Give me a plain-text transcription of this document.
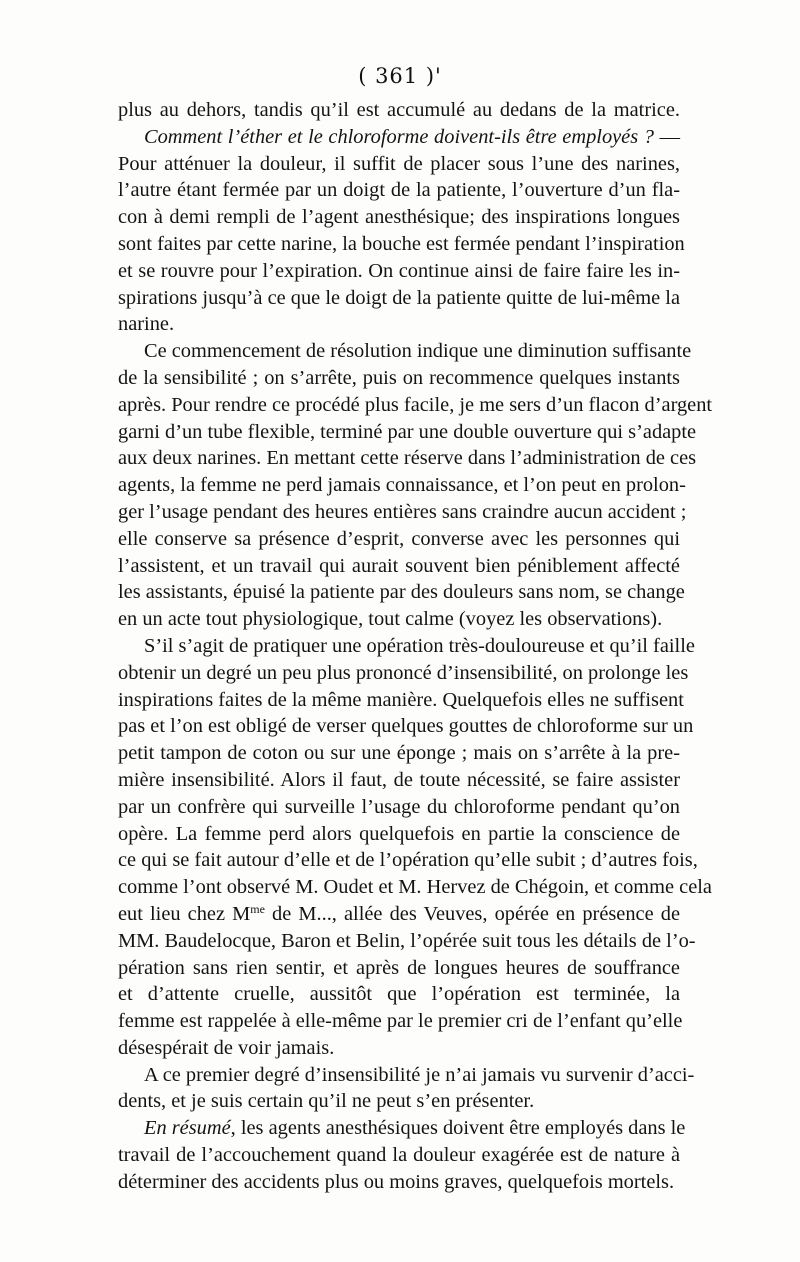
( 361 )'
plus au dehors, tandis qu’il est accumulé au dedans de la matrice.
Comment l’éther et le chloroforme doivent-ils être employés ? —
Pour atténuer la douleur, il suffit de placer sous l’une des narines,
l’autre étant fermée par un doigt de la patiente, l’ouverture d’un fla-
con à demi rempli de l’agent anesthésique; des inspirations longues
sont faites par cette narine, la bouche est fermée pendant l’inspiration
et se rouvre pour l’expiration. On continue ainsi de faire faire les in-
spirations jusqu’à ce que le doigt de la patiente quitte de lui-même la
narine.
Ce commencement de résolution indique une diminution suffisante
de la sensibilité ; on s’arrête, puis on recommence quelques instants
après. Pour rendre ce procédé plus facile, je me sers d’un flacon d’argent
garni d’un tube flexible, terminé par une double ouverture qui s’adapte
aux deux narines. En mettant cette réserve dans l’administration de ces
agents, la femme ne perd jamais connaissance, et l’on peut en prolon-
ger l’usage pendant des heures entières sans craindre aucun accident ;
elle conserve sa présence d’esprit, converse avec les personnes qui
l’assistent, et un travail qui aurait souvent bien péniblement affecté
les assistants, épuisé la patiente par des douleurs sans nom, se change
en un acte tout physiologique, tout calme (voyez les observations).
S’il s’agit de pratiquer une opération très-douloureuse et qu’il faille
obtenir un degré un peu plus prononcé d’insensibilité, on prolonge les
inspirations faites de la même manière. Quelquefois elles ne suffisent
pas et l’on est obligé de verser quelques gouttes de chloroforme sur un
petit tampon de coton ou sur une éponge ; mais on s’arrête à la pre-
mière insensibilité. Alors il faut, de toute nécessité, se faire assister
par un confrère qui surveille l’usage du chloroforme pendant qu’on
opère. La femme perd alors quelquefois en partie la conscience de
ce qui se fait autour d’elle et de l’opération qu’elle subit ; d’autres fois,
comme l’ont observé M. Oudet et M. Hervez de Chégoin, et comme cela
eut lieu chez $M^{me}$ de M..., allée des Veuves, opérée en présence de
MM. Baudelocque, Baron et Belin, l’opérée suit tous les détails de l’o-
pération sans rien sentir, et après de longues heures de souffrance
et d’attente cruelle, aussitôt que l’opération est terminée, la
femme est rappelée à elle-même par le premier cri de l’enfant qu’elle
désespérait de voir jamais.
A ce premier degré d’insensibilité je n’ai jamais vu survenir d’acci-
dents, et je suis certain qu’il ne peut s’en présenter.
En résumé, les agents anesthésiques doivent être employés dans le
travail de l’accouchement quand la douleur exagérée est de nature à
déterminer des accidents plus ou moins graves, quelquefois mortels.
